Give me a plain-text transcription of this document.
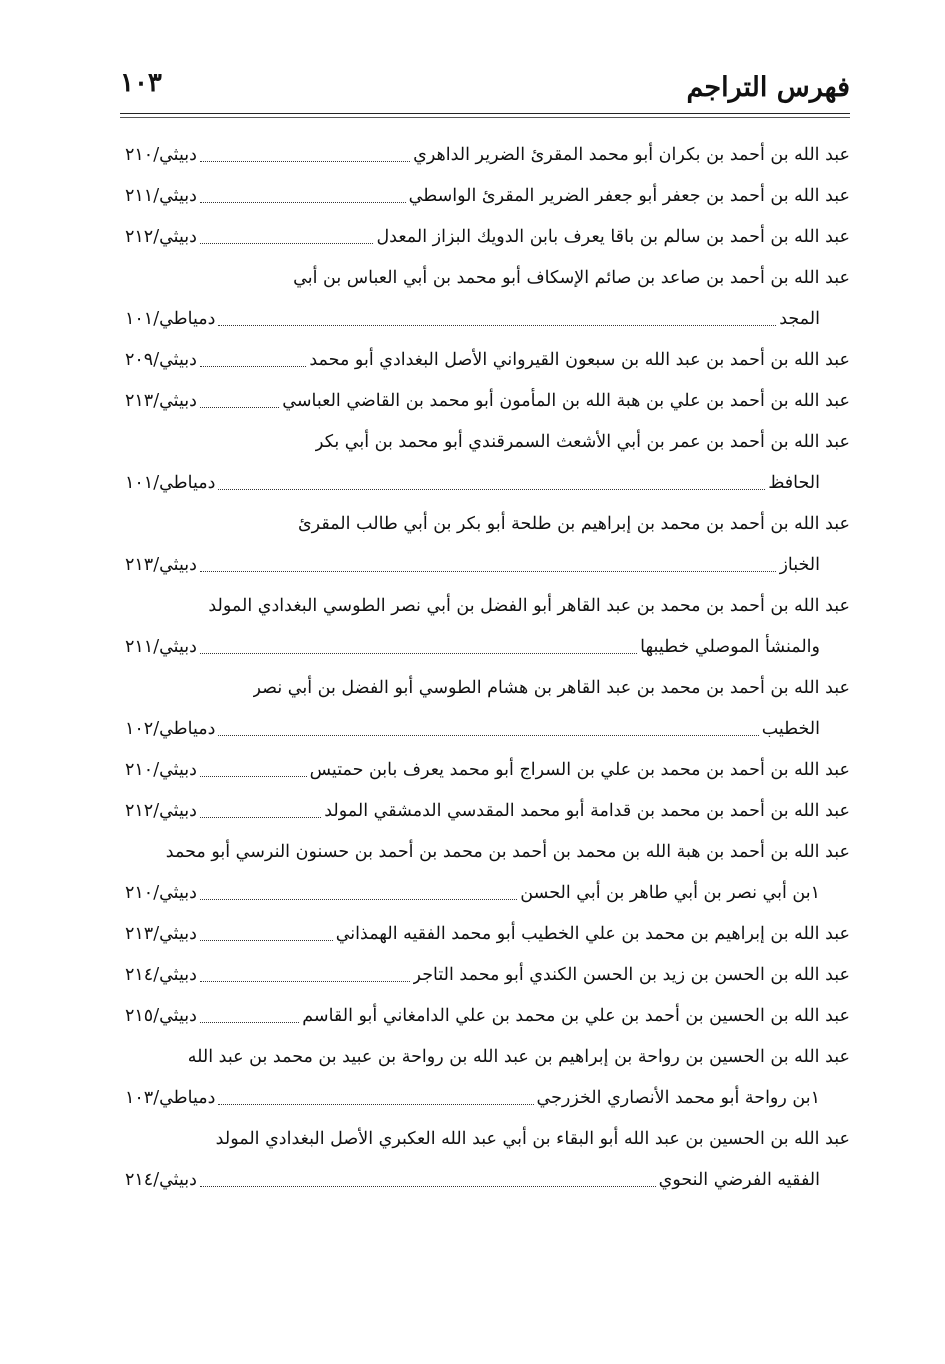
فهرس التراجم
١٠٣
عبد الله بن أحمد بن بكران أبو محمد المقرئ الضرير الداهري
دبيثي/٢١٠
عبد الله بن أحمد بن جعفر أبو جعفر الضرير المقرئ الواسطي
دبيثي/٢١١
عبد الله بن أحمد بن سالم بن باقا يعرف بابن الدويك البزاز المعدل
دبيثي/٢١٢
عبد الله بن أحمد بن صاعد بن صائم الإسكاف أبو محمد بن أبي العباس بن أبي
المجد
دمياطي/١٠١
عبد الله بن أحمد بن عبد الله بن سبعون القيرواني الأصل البغدادي أبو محمد
دبيثي/٢٠٩
عبد الله بن أحمد بن علي بن هبة الله بن المأمون أبو محمد بن القاضي العباسي
دبيثي/٢١٣
عبد الله بن أحمد بن عمر بن أبي الأشعث السمرقندي أبو محمد بن أبي بكر
الحافظ
دمياطي/١٠١
عبد الله بن أحمد بن محمد بن إبراهيم بن طلحة أبو بكر بن أبي طالب المقرئ
الخباز
دبيثي/٢١٣
عبد الله بن أحمد بن محمد بن عبد القاهر أبو الفضل بن أبي نصر الطوسي البغدادي المولد
والمنشأ الموصلي خطيبها
دبيثي/٢١١
عبد الله بن أحمد بن محمد بن عبد القاهر بن هشام الطوسي أبو الفضل بن أبي نصر
الخطيب
دمياطي/١٠٢
عبد الله بن أحمد بن محمد بن علي بن السراج أبو محمد يعرف بابن حمتيس
دبيثي/٢١٠
عبد الله بن أحمد بن محمد بن قدامة أبو محمد المقدسي الدمشقي المولد
دبيثي/٢١٢
عبد الله بن أحمد بن هبة الله بن محمد بن أحمد بن محمد بن أحمد بن حسنون النرسي أبو محمد
١بن أبي نصر بن أبي طاهر بن أبي الحسن
دبيثي/٢١٠
عبد الله بن إبراهيم بن محمد بن علي الخطيب أبو محمد الفقيه الهمذاني
دبيثي/٢١٣
عبد الله بن الحسن بن زيد بن الحسن الكندي أبو محمد التاجر
دبيثي/٢١٤
عبد الله بن الحسين بن أحمد بن علي بن محمد بن علي الدامغاني أبو القاسم
دبيثي/٢١٥
عبد الله بن الحسين بن رواحة بن إبراهيم بن عبد الله بن رواحة بن عبيد بن محمد بن عبد الله
١بن رواحة أبو محمد الأنصاري الخزرجي
دمياطي/١٠٣
عبد الله بن الحسين بن عبد الله أبو البقاء بن أبي عبد الله العكبري الأصل البغدادي المولد
الفقيه الفرضي النحوي
دبيثي/٢١٤
